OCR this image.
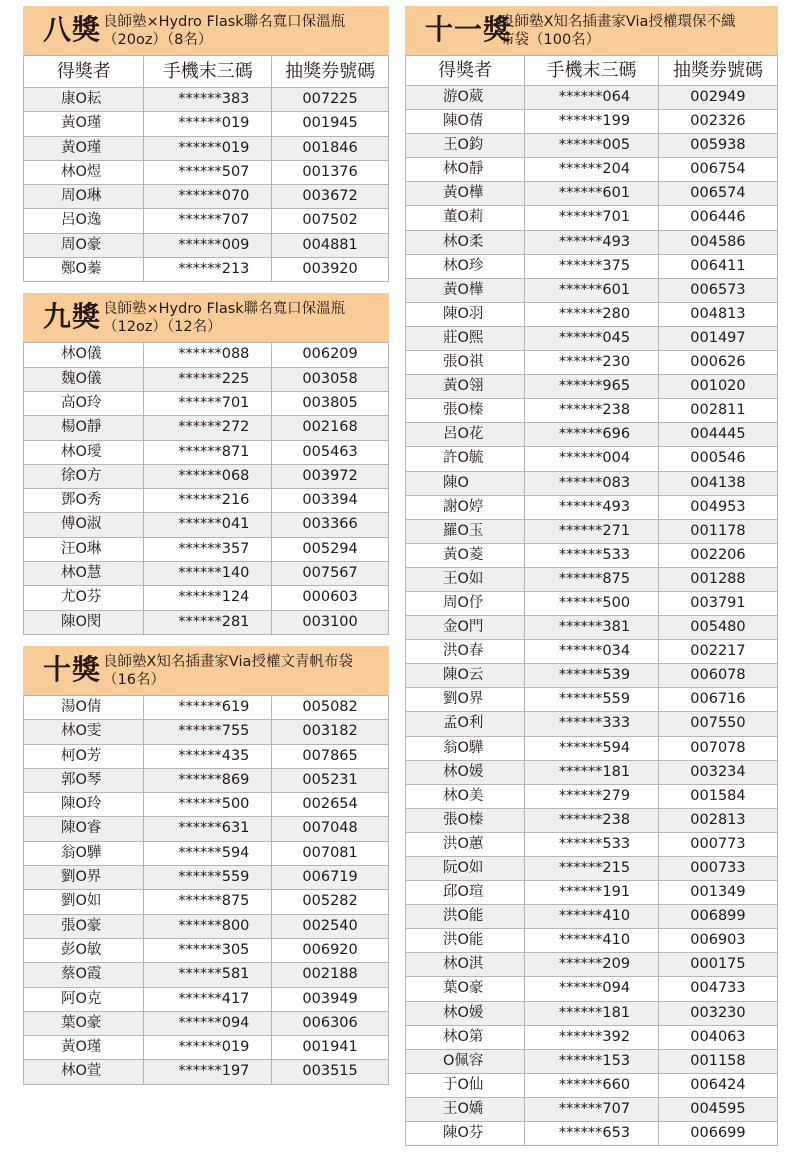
八獎 良師塾×Hydro Flask聯名寬口保溫瓶
（20oz）（8名）
得獎者	手機末三碼	抽獎券號碼
康O耘	******383	007225
黃O瑾	******019	001945
黃O瑾	******019	001846
林O煜	******507	001376
周O琳	******070	003672
呂O逸	******707	007502
周O豪	******009	004881
鄭O蓁	******213	003920
九獎 良師塾×Hydro Flask聯名寬口保溫瓶
（12oz）（12名）
林O儀	******088	006209
魏O儀	******225	003058
高O玲	******701	003805
楊O靜	******272	002168
林O璦	******871	005463
徐O方	******068	003972
鄧O秀	******216	003394
傅O淑	******041	003366
汪O琳	******357	005294
林O慧	******140	007567
尤O芬	******124	000603
陳O閔	******281	003100
十獎 良師塾X知名插畫家Via授權文青帆布袋
（16名）
湯O倩	******619	005082
林O雯	******755	003182
柯O芳	******435	007865
郭O琴	******869	005231
陳O玲	******500	002654
陳O睿	******631	007048
翁O驊	******594	007081
劉O界	******559	006719
劉O如	******875	005282
張O豪	******800	002540
彭O敏	******305	006920
蔡O霞	******581	002188
阿O克	******417	003949
葉O豪	******094	006306
黃O瑾	******019	001941
林O萱	******197	003515
十一獎
良師塾X知名插畫家Via授權環保不織
布袋（100名）
得獎者	手機末三碼	抽獎券號碼
游O葳	******064	002949
陳O蒨	******199	002326
王O鈞	******005	005938
林O靜	******204	006754
黃O樺	******601	006574
董O莉	******701	006446
林O柔	******493	004586
林O珍	******375	006411
黃O樺	******601	006573
陳O羽	******280	004813
莊O熙	******045	001497
張O祺	******230	000626
黃O翎	******965	001020
張O榛	******238	002811
呂O花	******696	004445
許O毓	******004	000546
陳O	******083	004138
謝O婷	******493	004953
羅O玉	******271	001178
黃O菱	******533	002206
王O如	******875	001288
周O伃	******500	003791
金O門	******381	005480
洪O春	******034	002217
陳O云	******539	006078
劉O界	******559	006716
孟O利	******333	007550
翁O驊	******594	007078
林O媛	******181	003234
林O美	******279	001584
張O榛	******238	002813
洪O蕙	******533	000773
阮O如	******215	000733
邱O瑄	******191	001349
洪O能	******410	006899
洪O能	******410	006903
林O淇	******209	000175
葉O豪	******094	004733
林O媛	******181	003230
林O第	******392	004063
O佩容	******153	001158
于O仙	******660	006424
王O嬌	******707	004595
陳O芬	******653	006699
